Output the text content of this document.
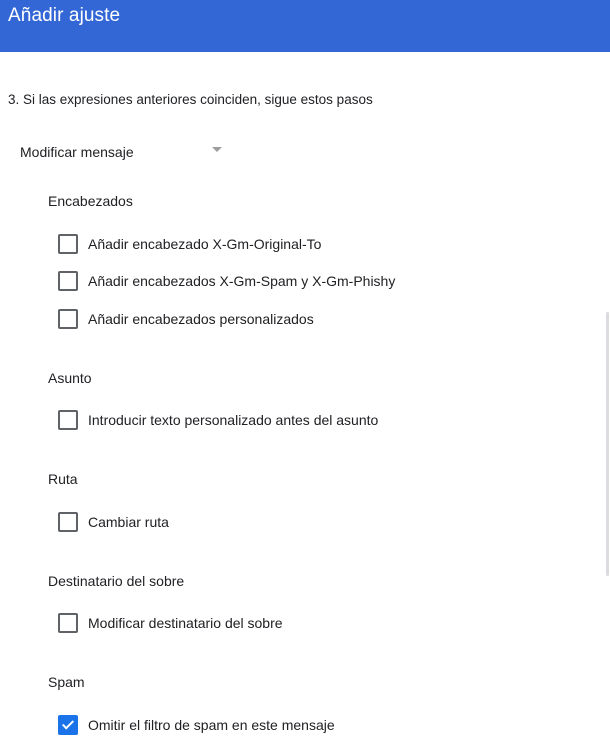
Añadir ajuste
3. Si las expresiones anteriores coinciden, sigue estos pasos
Modificar mensaje
Encabezados
Añadir encabezado X-Gm-Original-To
Añadir encabezados X-Gm-Spam y X-Gm-Phishy
Añadir encabezados personalizados
Asunto
Introducir texto personalizado antes del asunto
Ruta
Cambiar ruta
Destinatario del sobre
Modificar destinatario del sobre
Spam
Omitir el filtro de spam en este mensaje
